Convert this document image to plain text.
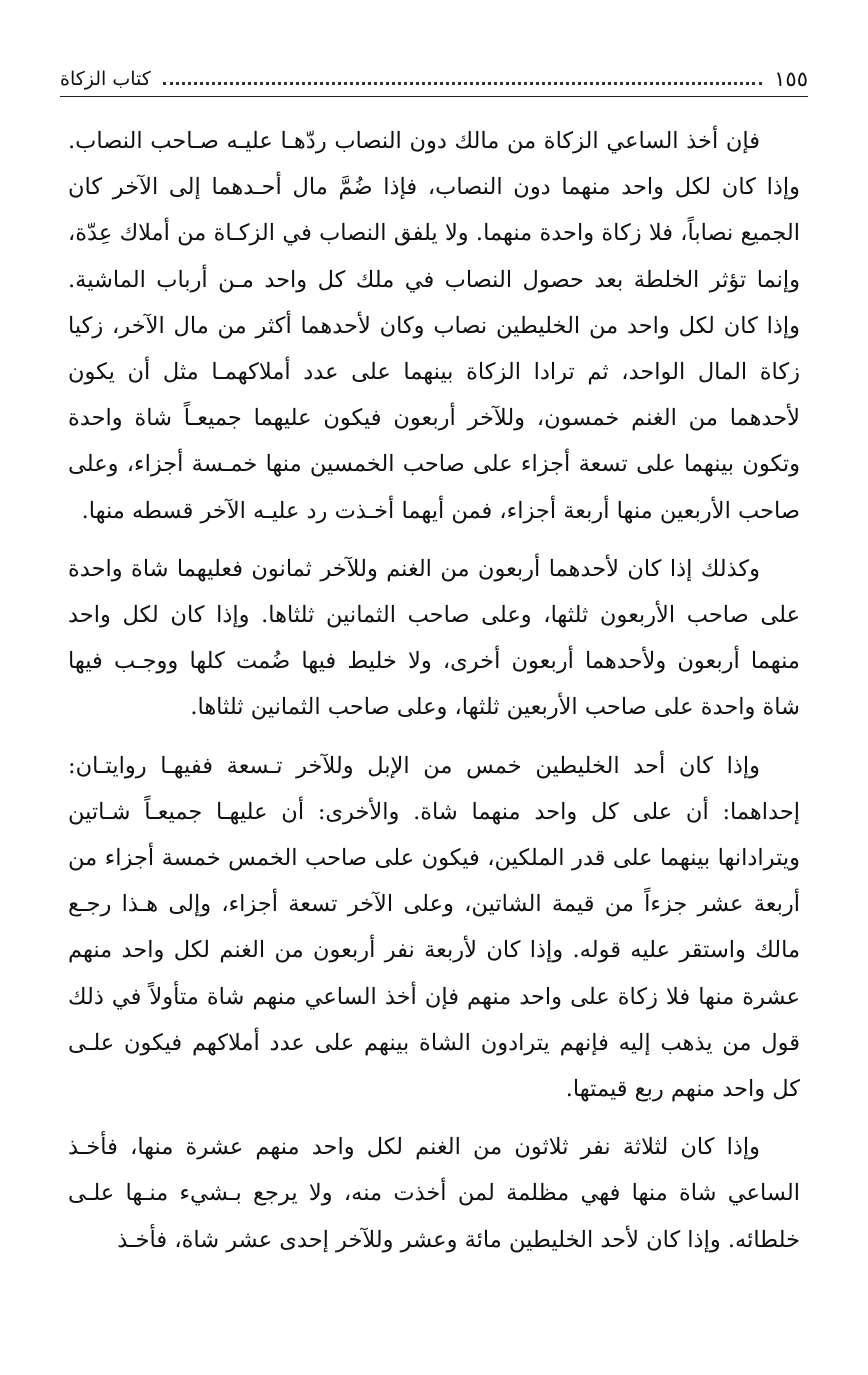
١٥٥
كتاب الزكاة

فإن أخذ الساعي الزكاة من مالك دون النصاب ردّهـا عليـه صـاحب النصاب. وإذا كان لكل واحد منهما دون النصاب، فإذا ضُمَّ مال أحـدهما إلى الآخر كان الجميع نصاباً، فلا زكاة واحدة منهما. ولا يلفق النصاب في الزكـاة من أملاك عِدّة، وإنما تؤثر الخلطة بعد حصول النصاب في ملك كل واحد مـن أرباب الماشية. وإذا كان لكل واحد من الخليطين نصاب وكان لأحدهما أكثر من مال الآخر، زكيا زكاة المال الواحد، ثم ترادا الزكاة بينهما على عدد أملاكهمـا مثل أن يكون لأحدهما من الغنم خمسون، وللآخر أربعون فيكون عليهما جميعـاً شاة واحدة وتكون بينهما على تسعة أجزاء على صاحب الخمسين منها خمـسة أجزاء، وعلى صاحب الأربعين منها أربعة أجزاء، فمن أيهما أخـذت رد عليـه الآخر قسطه منها.

وكذلك إذا كان لأحدهما أربعون من الغنم وللآخر ثمانون فعليهما شاة واحدة على صاحب الأربعون ثلثها، وعلى صاحب الثمانين ثلثاها. وإذا كان لكل واحد منهما أربعون ولأحدهما أربعون أخرى، ولا خليط فيها ضُمت كلها ووجـب فيها شاة واحدة على صاحب الأربعين ثلثها، وعلى صاحب الثمانين ثلثاها.

وإذا كان أحد الخليطين خمس من الإبل وللآخر تـسعة ففيهـا روايتـان: إحداهما: أن على كل واحد منهما شاة. والأخرى: أن عليهـا جميعـاً شـاتين ويترادانها بينهما على قدر الملكين، فيكون على صاحب الخمس خمسة أجزاء من أربعة عشر جزءاً من قيمة الشاتين، وعلى الآخر تسعة أجزاء، وإلى هـذا رجـع مالك واستقر عليه قوله. وإذا كان لأربعة نفر أربعون من الغنم لكل واحد منهم عشرة منها فلا زكاة على واحد منهم فإن أخذ الساعي منهم شاة متأولاً في ذلك قول من يذهب إليه فإنهم يترادون الشاة بينهم على عدد أملاكهم فيكون علـى كل واحد منهم ربع قيمتها.

وإذا كان لثلاثة نفر ثلاثون من الغنم لكل واحد منهم عشرة منها، فأخـذ الساعي شاة منها فهي مظلمة لمن أخذت منه، ولا يرجع بـشيء منـها علـى خلطائه. وإذا كان لأحد الخليطين مائة وعشر وللآخر إحدى عشر شاة، فأخـذ
